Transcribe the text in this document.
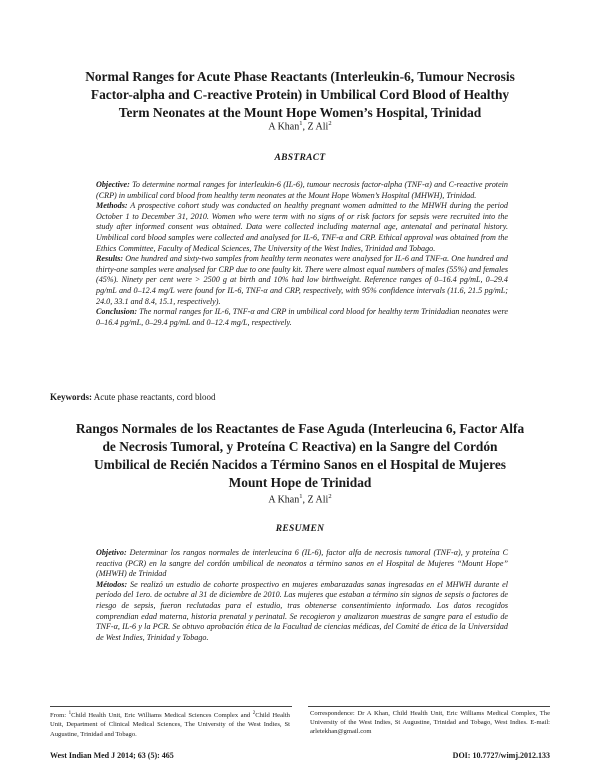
Normal Ranges for Acute Phase Reactants (Interleukin-6, Tumour Necrosis
Factor-alpha and C-reactive Protein) in Umbilical Cord Blood of Healthy
Term Neonates at the Mount Hope Women’s Hospital, Trinidad
A Khan$^1$, Z Ali$^2$
ABSTRACT

Objective: To determine normal ranges for interleukin-6 (IL-6), tumour necrosis factor-alpha (TNF-α) and C-reactive protein (CRP) in umbilical cord blood from healthy term neonates at the Mount Hope Women’s Hospital (MHWH), Trinidad.

Methods: A prospective cohort study was conducted on healthy pregnant women admitted to the MHWH during the period October 1 to December 31, 2010. Women who were term with no signs of or risk factors for sepsis were recruited into the study after informed consent was obtained. Data were collected including maternal age, antenatal and perinatal history. Umbilical cord blood samples were collected and analysed for IL-6, TNF-α and CRP. Ethical approval was obtained from the Ethics Committee, Faculty of Medical Sciences, The University of the West Indies, Trinidad and Tobago.

Results: One hundred and sixty-two samples from healthy term neonates were analysed for IL-6 and TNF-α. One hundred and thirty-one samples were analysed for CRP due to one faulty kit. There were almost equal numbers of males (55%) and females (45%). Ninety per cent were > 2500 g at birth and 10% had low birthweight. Reference ranges of 0–16.4 pg/mL, 0–29.4 pg/mL and 0–12.4 mg/L were found for IL-6, TNF-α and CRP, respectively, with 95% confidence intervals (11.6, 21.5 pg/mL; 24.0, 33.1 and 8.4, 15.1, respectively).

Conclusion: The normal ranges for IL-6, TNF-α and CRP in umbilical cord blood for healthy term Trinidadian neonates were 0–16.4 pg/mL, 0–29.4 pg/mL and 0–12.4 mg/L, respectively.

Keywords: Acute phase reactants, cord blood
Rangos Normales de los Reactantes de Fase Aguda (Interleucina 6, Factor Alfa
de Necrosis Tumoral, y Proteína C Reactiva) en la Sangre del Cordón
Umbilical de Recién Nacidos a Término Sanos en el Hospital de Mujeres
Mount Hope de Trinidad
A Khan$^1$, Z Ali$^2$
RESUMEN

Objetivo: Determinar los rangos normales de interleucina 6 (IL-6), factor alfa de necrosis tumoral (TNF-α), y proteína C reactiva (PCR) en la sangre del cordón umbilical de neonatos a término sanos en el Hospital de Mujeres “Mount Hope” (MHWH) de Trinidad

Métodos: Se realizó un estudio de cohorte prospectivo en mujeres embarazadas sanas ingresadas en el MHWH durante el período del 1ero. de octubre al 31 de diciembre de 2010. Las mujeres que estaban a término sin signos de sepsis o factores de riesgo de sepsis, fueron reclutadas para el estudio, tras obtenerse consentimiento informado. Los datos recogidos comprendian edad materna, historia prenatal y perinatal. Se recogieron y analizaron muestras de sangre para el estudio de TNF-α, IL-6 y la PCR. Se obtuvo aprobación ética de la Facultad de ciencias médicas, del Comité de ética de la Universidad de West Indies, Trinidad y Tobago.

From: $^1$Child Health Unit, Eric Williams Medical Sciences Complex and $^2$Child Health Unit, Department of Clinical Medical Sciences, The University of the West Indies, St Augustine, Trinidad and Tobago.
Correspondence: Dr A Khan, Child Health Unit, Eric Williams Medical Complex, The University of the West Indies, St Augustine, Trinidad and Tobago, West Indies. E-mail: arletekhan@gmail.com
West Indian Med J 2014; 63 (5): 465	DOI: 10.7727/wimj.2012.133
